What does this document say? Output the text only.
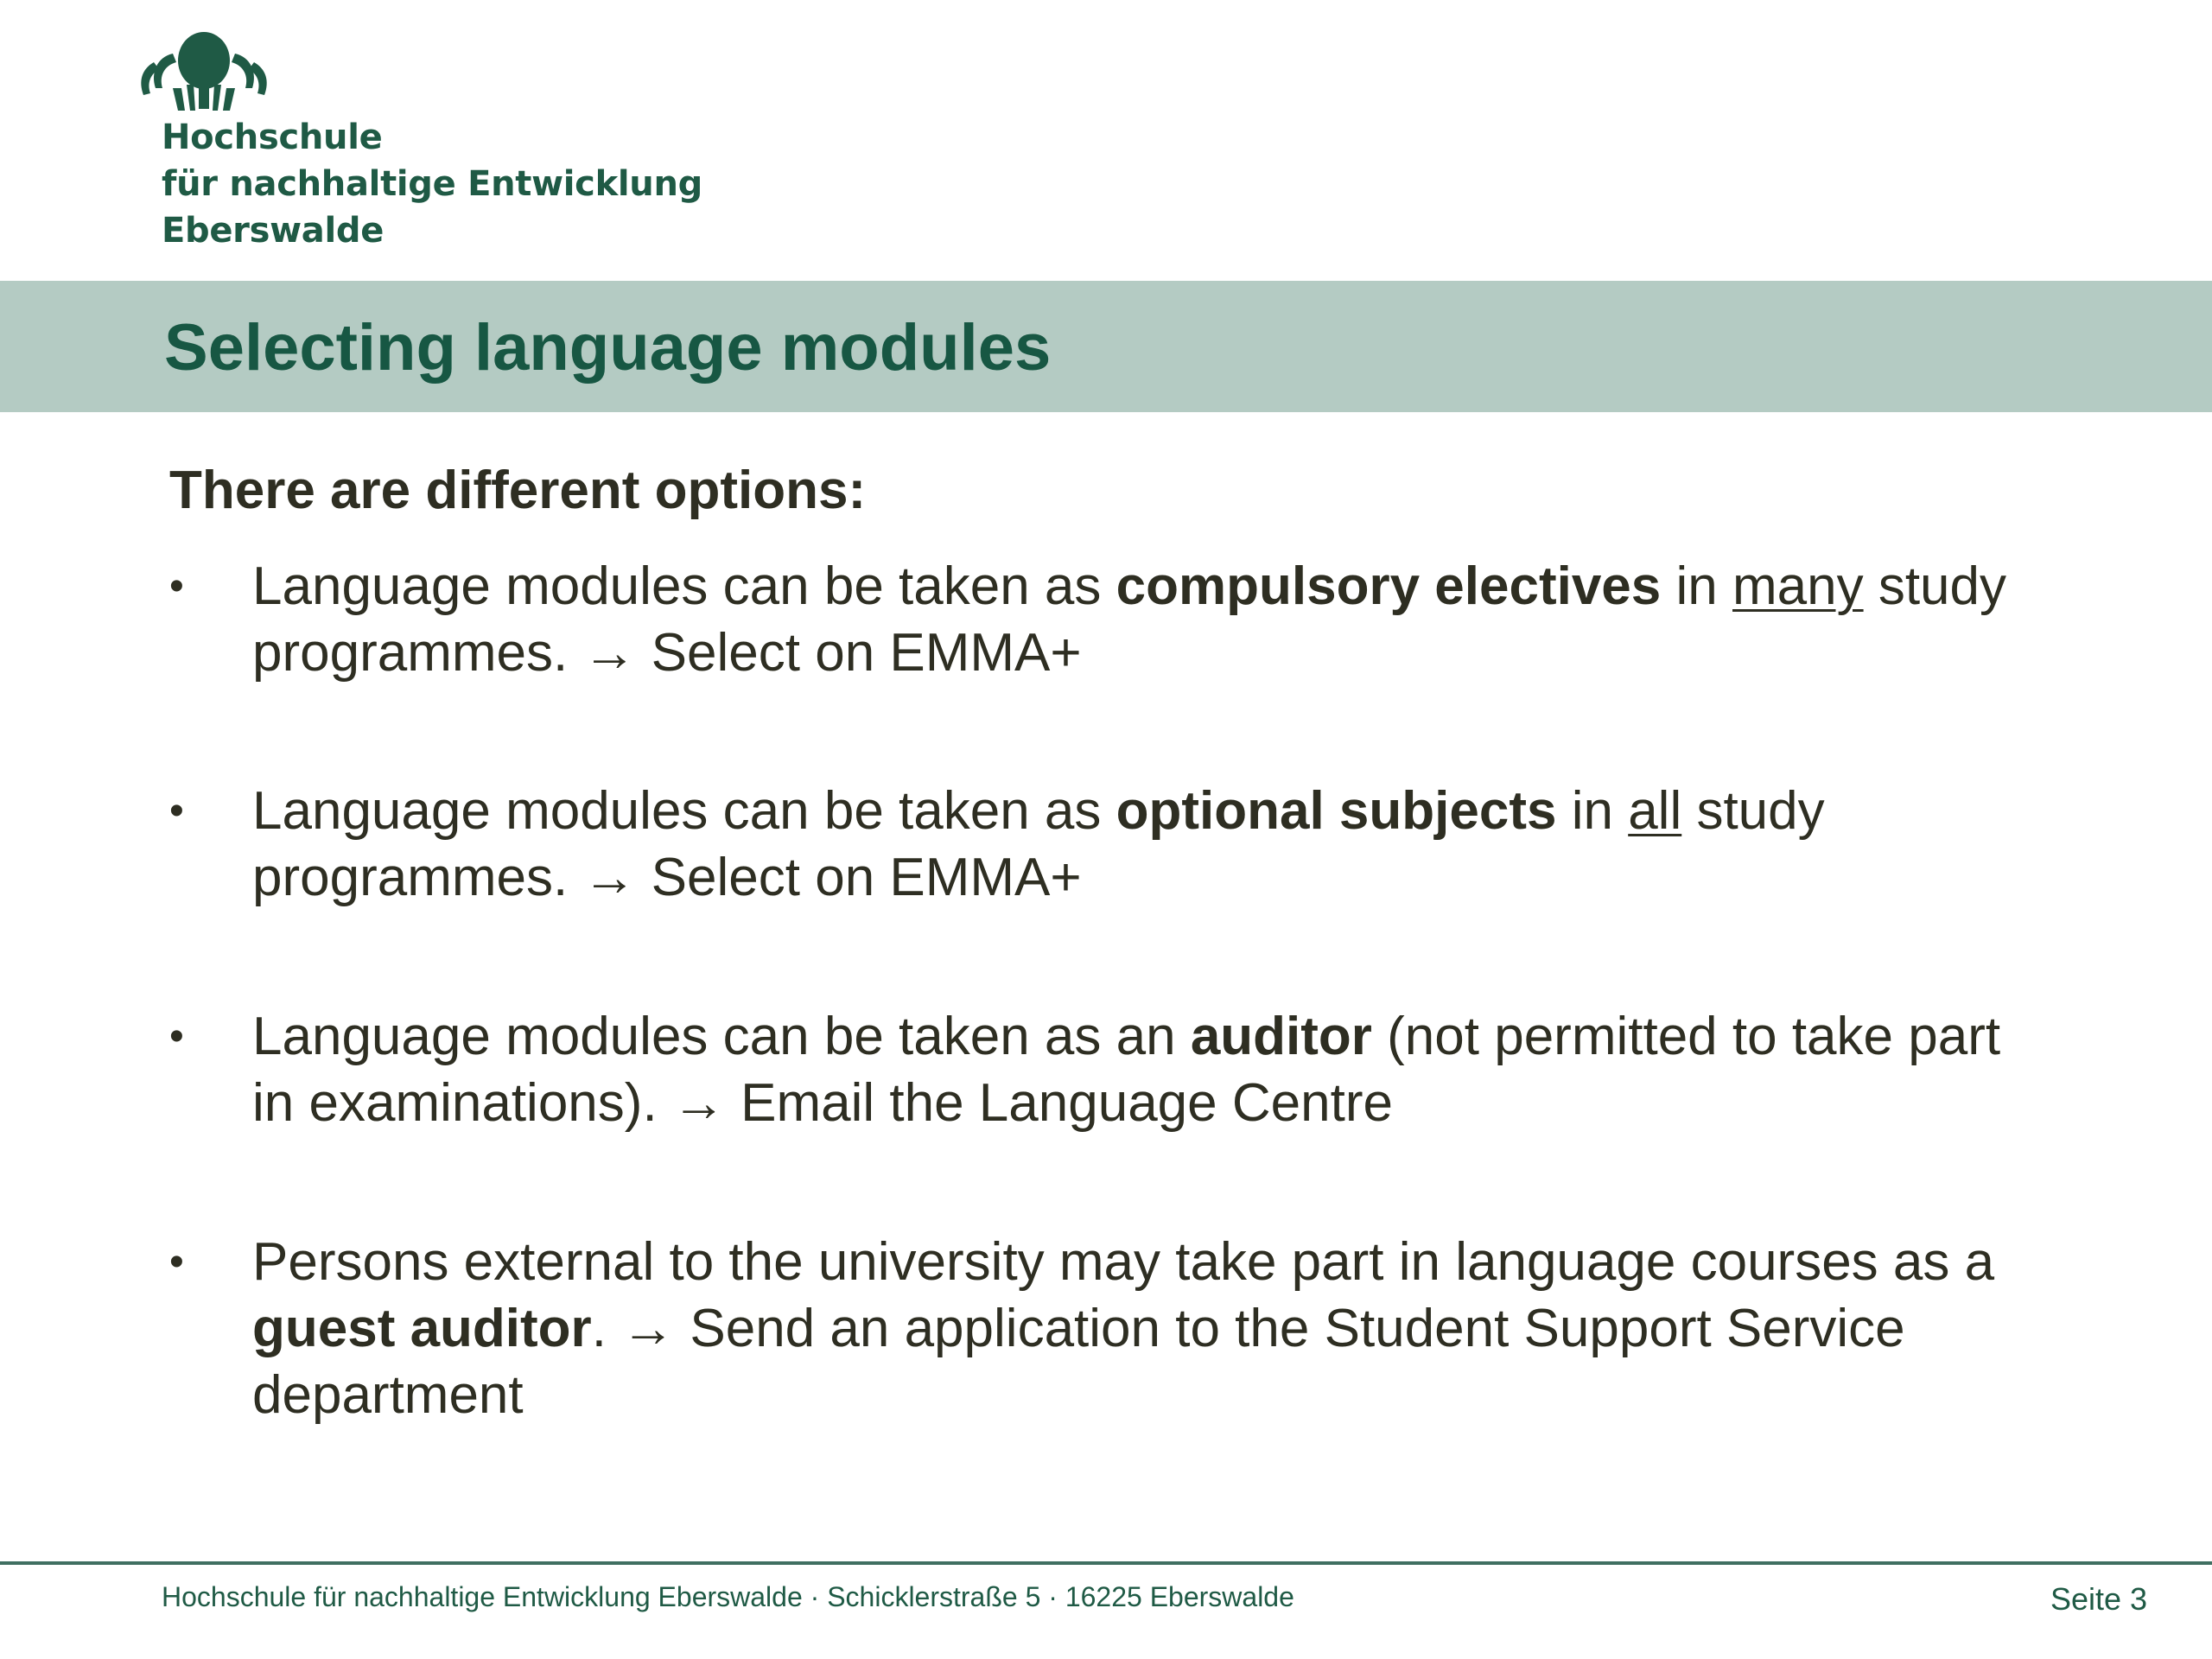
Hochschule
für nachhaltige Entwicklung
Eberswalde
Selecting language modules

There are different options:

• Language modules can be taken as compulsory electives in many study
programmes. → Select on EMMA+
• Language modules can be taken as optional subjects in all study
programmes. → Select on EMMA+
• Language modules can be taken as an auditor (not permitted to take part
in examinations). → Email the Language Centre
• Persons external to the university may take part in language courses as a
guest auditor. → Send an application to the Student Support Service
department
Hochschule für nachhaltige Entwicklung Eberswalde · Schicklerstraße 5 · 16225 Eberswalde	Seite 3
